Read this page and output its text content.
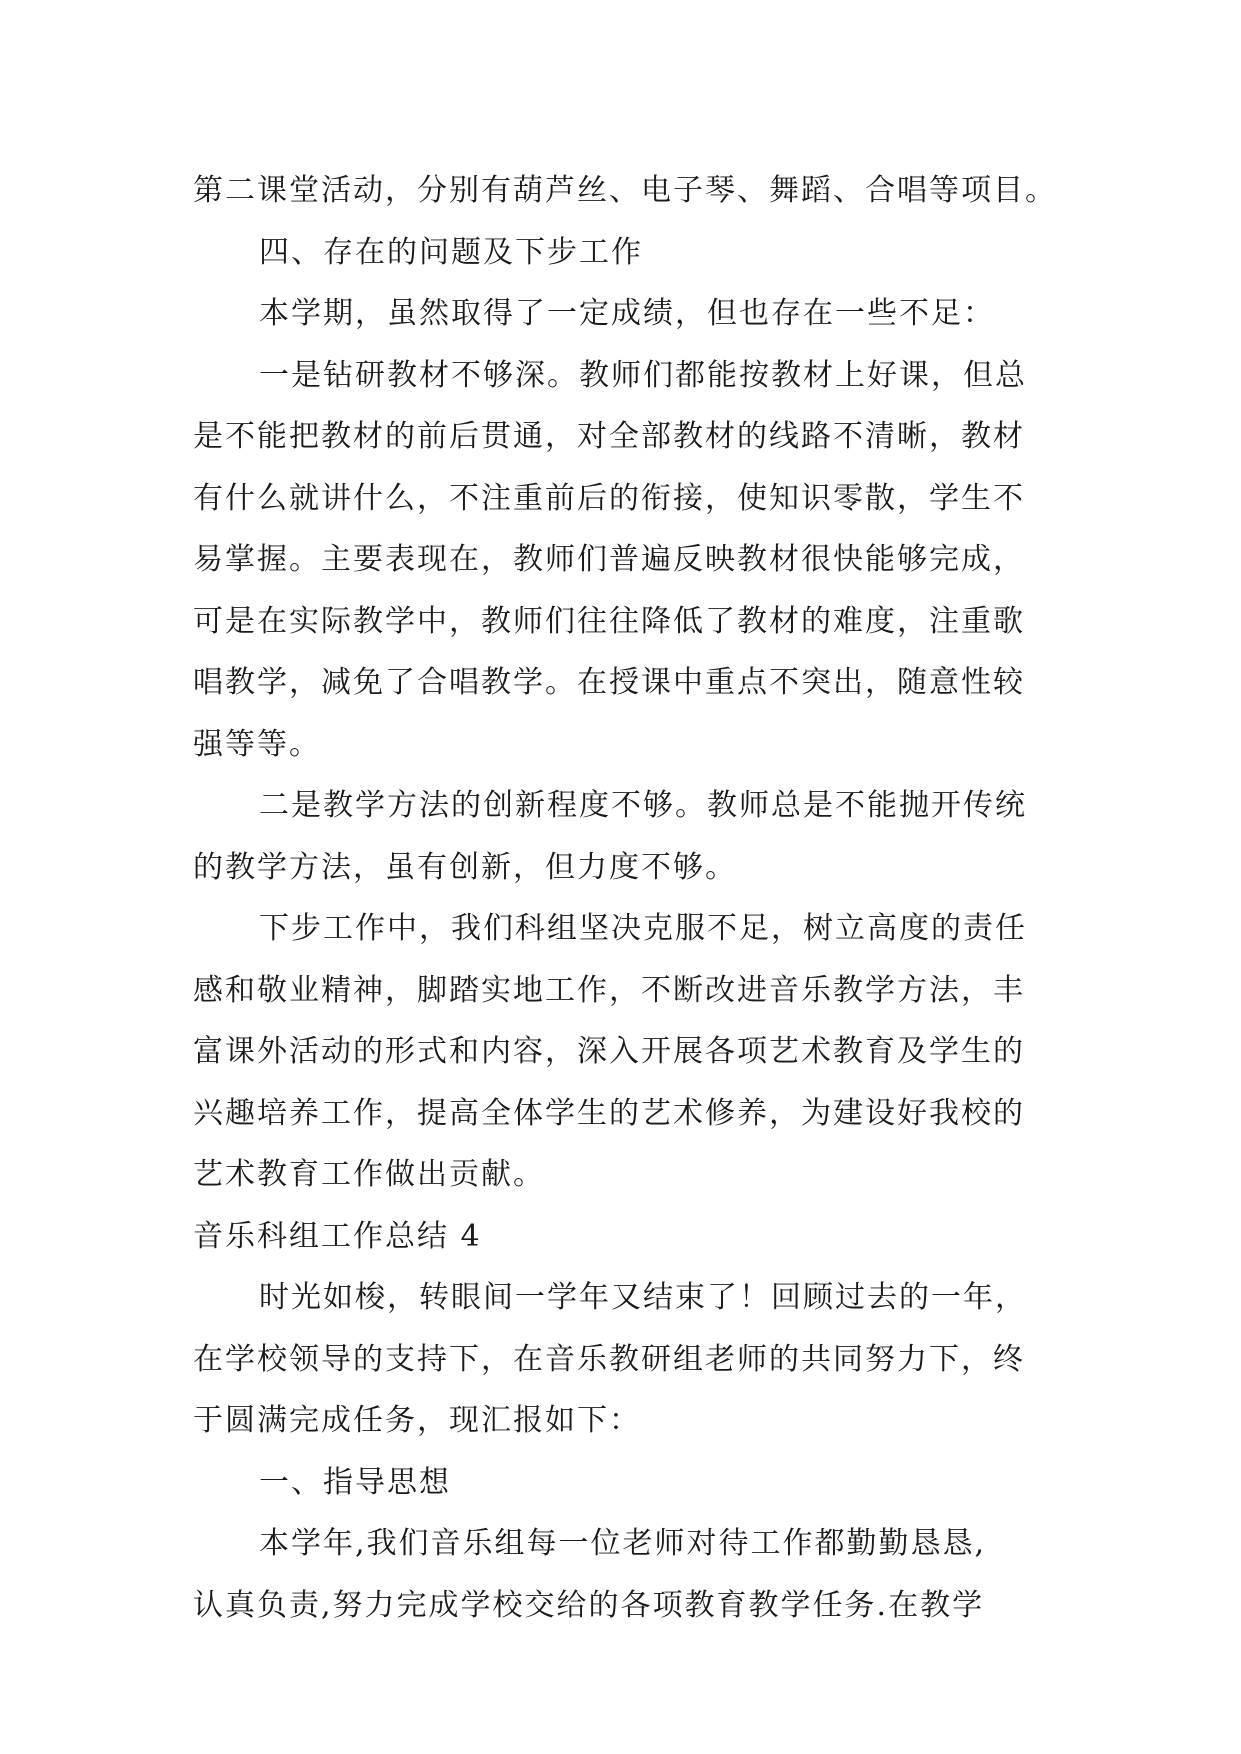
第二课堂活动，分别有葫芦丝、电子琴、舞蹈、合唱等项目。
四、存在的问题及下步工作
本学期，虽然取得了一定成绩，但也存在一些不足：
一是钻研教材不够深。教师们都能按教材上好课，但总
是不能把教材的前后贯通，对全部教材的线路不清晰，教材
有什么就讲什么，不注重前后的衔接，使知识零散，学生不
易掌握。主要表现在，教师们普遍反映教材很快能够完成，
可是在实际教学中，教师们往往降低了教材的难度，注重歌
唱教学，减免了合唱教学。在授课中重点不突出，随意性较
强等等。
二是教学方法的创新程度不够。教师总是不能抛开传统
的教学方法，虽有创新，但力度不够。
下步工作中，我们科组坚决克服不足，树立高度的责任
感和敬业精神，脚踏实地工作，不断改进音乐教学方法，丰
富课外活动的形式和内容，深入开展各项艺术教育及学生的
兴趣培养工作，提高全体学生的艺术修养，为建设好我校的
艺术教育工作做出贡献。
音乐科组工作总结 4
时光如梭，转眼间一学年又结束了！回顾过去的一年，
在学校领导的支持下，在音乐教研组老师的共同努力下，终
于圆满完成任务，现汇报如下：
一、指导思想
本学年,我们音乐组每一位老师对待工作都勤勤恳恳,
认真负责,努力完成学校交给的各项教育教学任务.在教学
